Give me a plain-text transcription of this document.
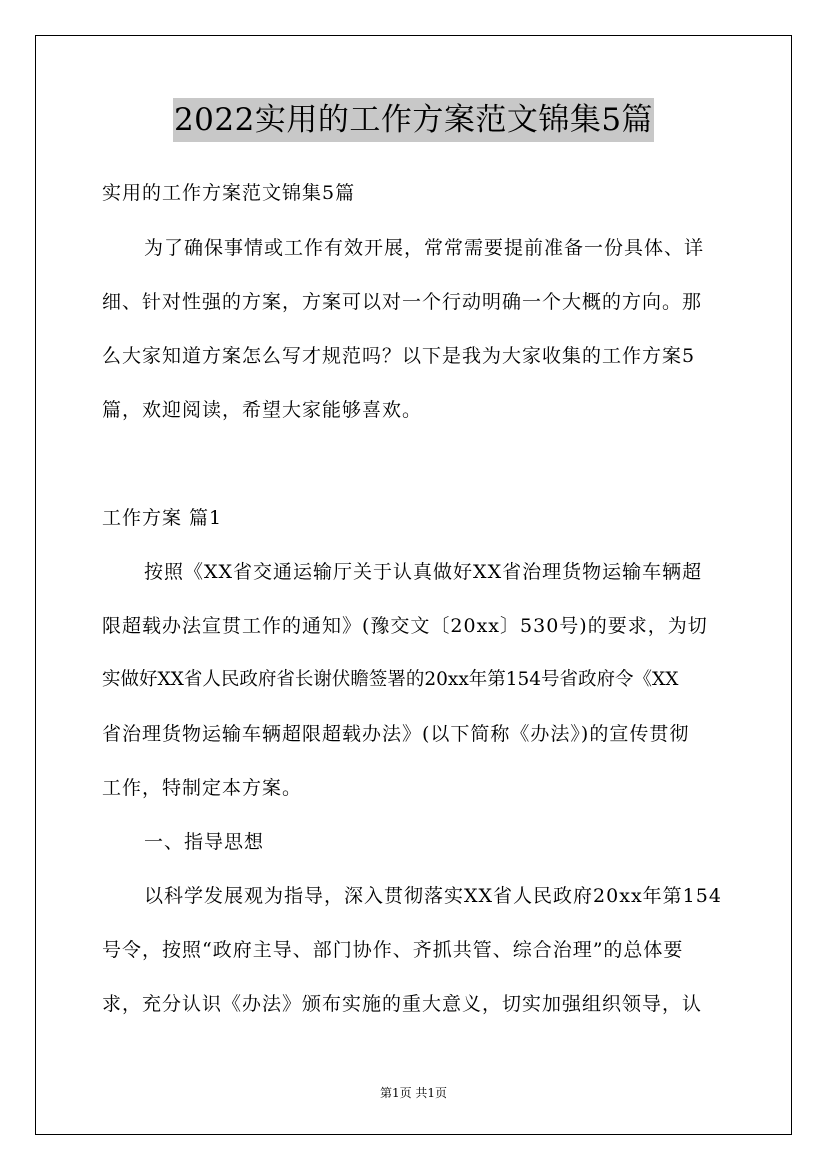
2022实用的工作方案范文锦集5篇
实用的工作方案范文锦集5篇
为了确保事情或工作有效开展，常常需要提前准备一份具体、详
细、针对性强的方案，方案可以对一个行动明确一个大概的方向。那
么大家知道方案怎么写才规范吗？以下是我为大家收集的工作方案5
篇，欢迎阅读，希望大家能够喜欢。
工作方案 篇1
按照《XX省交通运输厅关于认真做好XX省治理货物运输车辆超
限超载办法宣贯工作的通知》(豫交文〔20xx〕530号)的要求，为切
实做好XX省人民政府省长谢伏瞻签署的20xx年第154号省政府令《XX
省治理货物运输车辆超限超载办法》(以下简称《办法》)的宣传贯彻
工作，特制定本方案。
一、指导思想
以科学发展观为指导，深入贯彻落实XX省人民政府20xx年第154
号令，按照“政府主导、部门协作、齐抓共管、综合治理”的总体要
求，充分认识《办法》颁布实施的重大意义，切实加强组织领导，认
第1页 共1页
